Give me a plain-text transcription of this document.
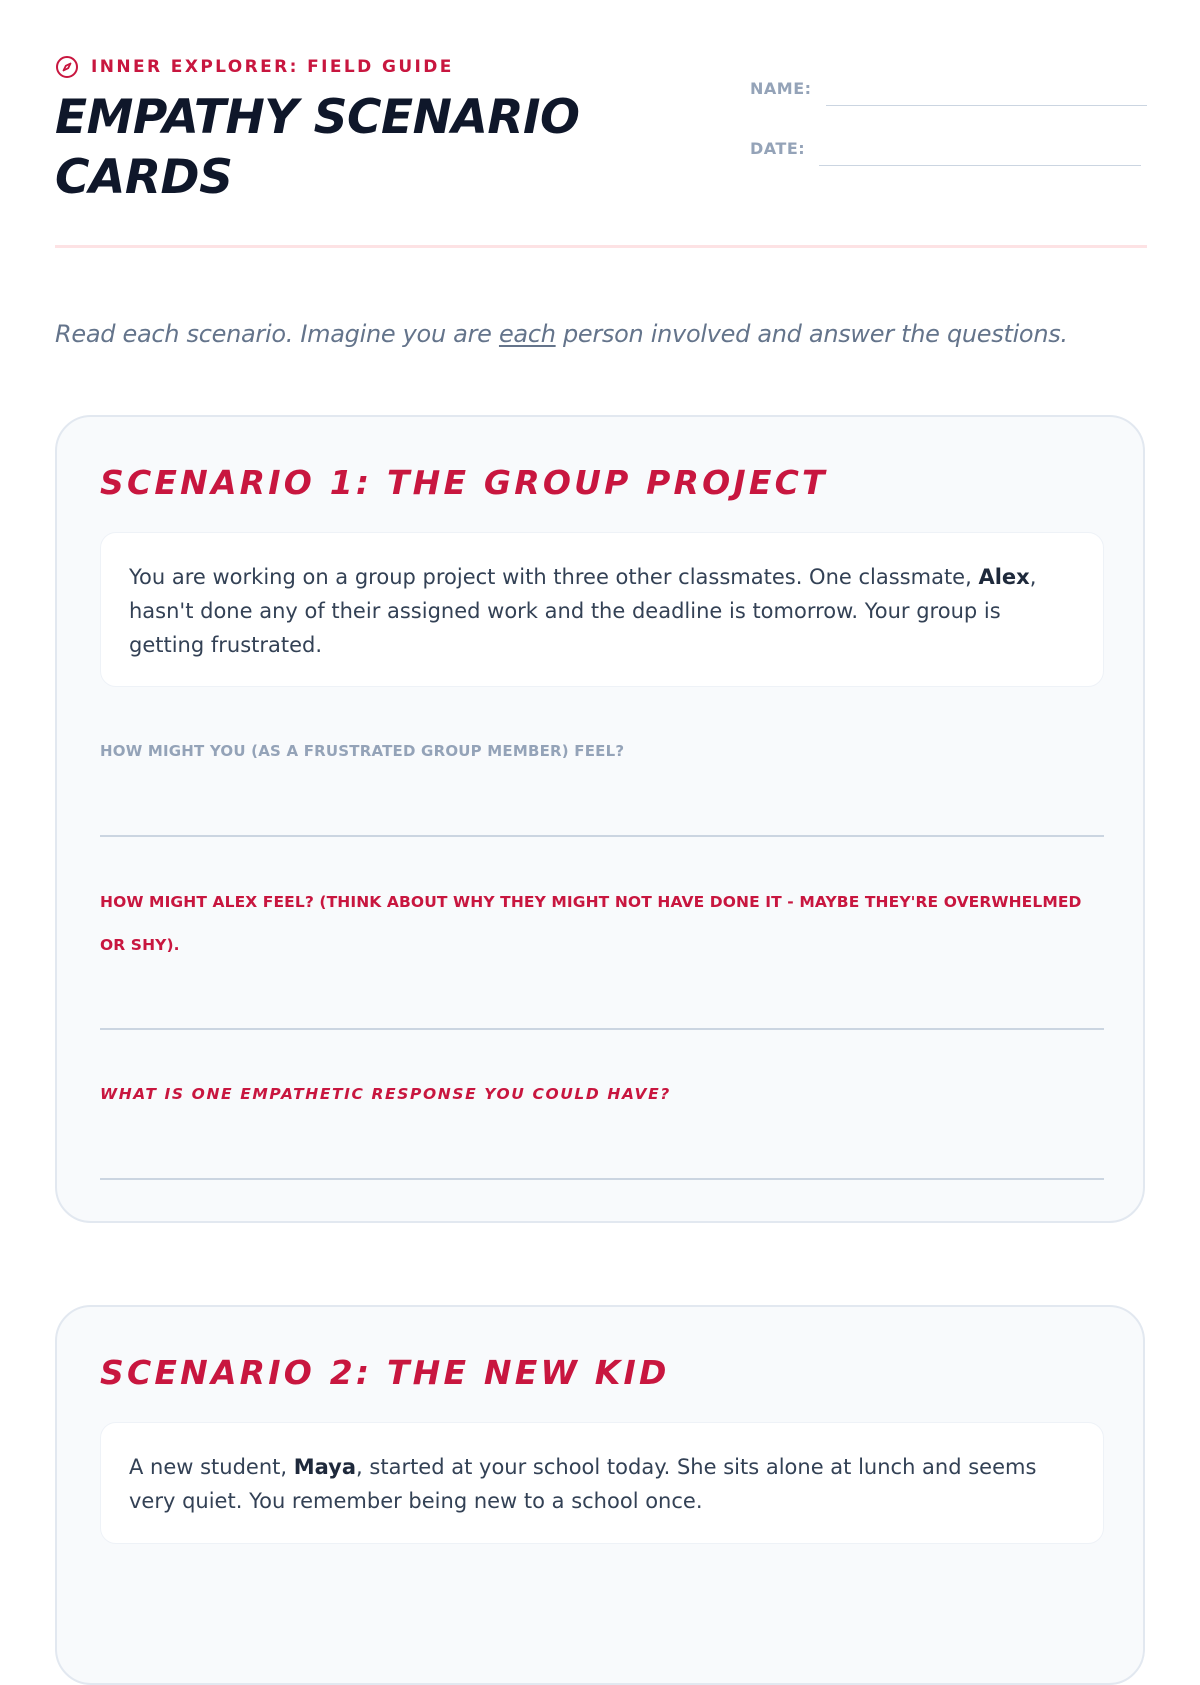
INNER EXPLORER: FIELD GUIDE
EMPATHY SCENARIO CARDS
NAME:
DATE:

Read each scenario. Imagine you are each person involved and answer the questions.

SCENARIO 1: THE GROUP PROJECT
You are working on a group project with three other classmates. One classmate, Alex, hasn't done any of their assigned work and the deadline is tomorrow. Your group is getting frustrated.

HOW MIGHT YOU (AS A FRUSTRATED GROUP MEMBER) FEEL?

HOW MIGHT ALEX FEEL? (THINK ABOUT WHY THEY MIGHT NOT HAVE DONE IT - MAYBE THEY'RE OVERWHELMED OR SHY).

WHAT IS ONE EMPATHETIC RESPONSE YOU COULD HAVE?

SCENARIO 2: THE NEW KID
A new student, Maya, started at your school today. She sits alone at lunch and seems very quiet. You remember being new to a school once.
